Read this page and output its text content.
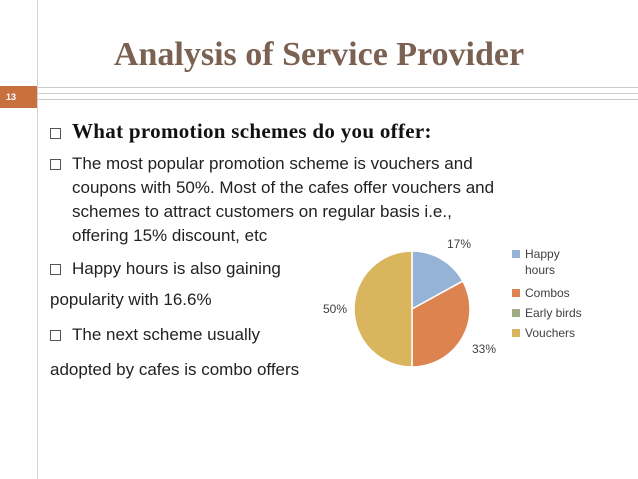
Analysis of Service Provider
13
What promotion schemes do you offer:
The most popular promotion scheme is vouchers and
coupons with 50%. Most of the cafes offer vouchers and
schemes to attract customers on regular basis i.e.,
offering 15% discount, etc
Happy hours is also gaining
popularity with 16.6%
The next scheme usually
adopted by cafes is combo offers
17%
33%
50%
Happy
hours
Combos
Early birds
Vouchers
